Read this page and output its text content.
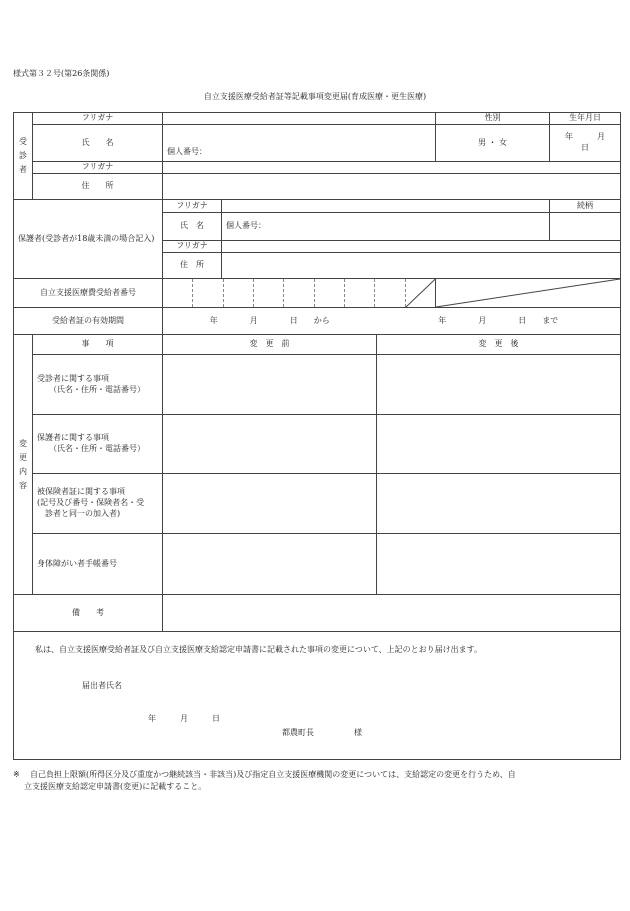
様式第３２号(第26条関係)
自立支援医療受給者証等記載事項変更届(育成医療・更生医療)
受
診
者	フリガナ				性別	生年月日
	氏　　名	個人番号：			男 ・ 女	年　　　月　　　日
	フリガナ					
	住　　所					
保護者(受診者が18歳未満の場合記入)		フリガナ				続柄
		氏　名	個人番号：			
		フリガナ				
		住　所				
自立支援医療費受給者番号	

受給者証の有効期間		年　　　　月　　　　日　　から		年　　　　月　　　　日　　まで		

変
更
内
容	事　　項	変　更　前		変　更　後		

	受診者に関する事項
　　（氏名・住所・電話番号）					

	保護者に関する事項
　　（氏名・住所・電話番号）					

	被保険者証に関する事項
(記号及び番号・保険者名・受
　診者と同一の加入者)					

	身体障がい者手帳番号					

備　　考						

私は、自立支援医療受給者証及び自立支援医療支給認定申請書に記載された事項の変更について、上記のとおり届け出ます。
届出者氏名
年　　　月　　　日
都農町長　　　　　様						
※ 自己負担上限額(所得区分及び重度かつ継続該当・非該当)及び指定自立支援医療機関の変更については、支給認定の変更を行うため、自
立支援医療支給認定申請書(変更)に記載すること。
